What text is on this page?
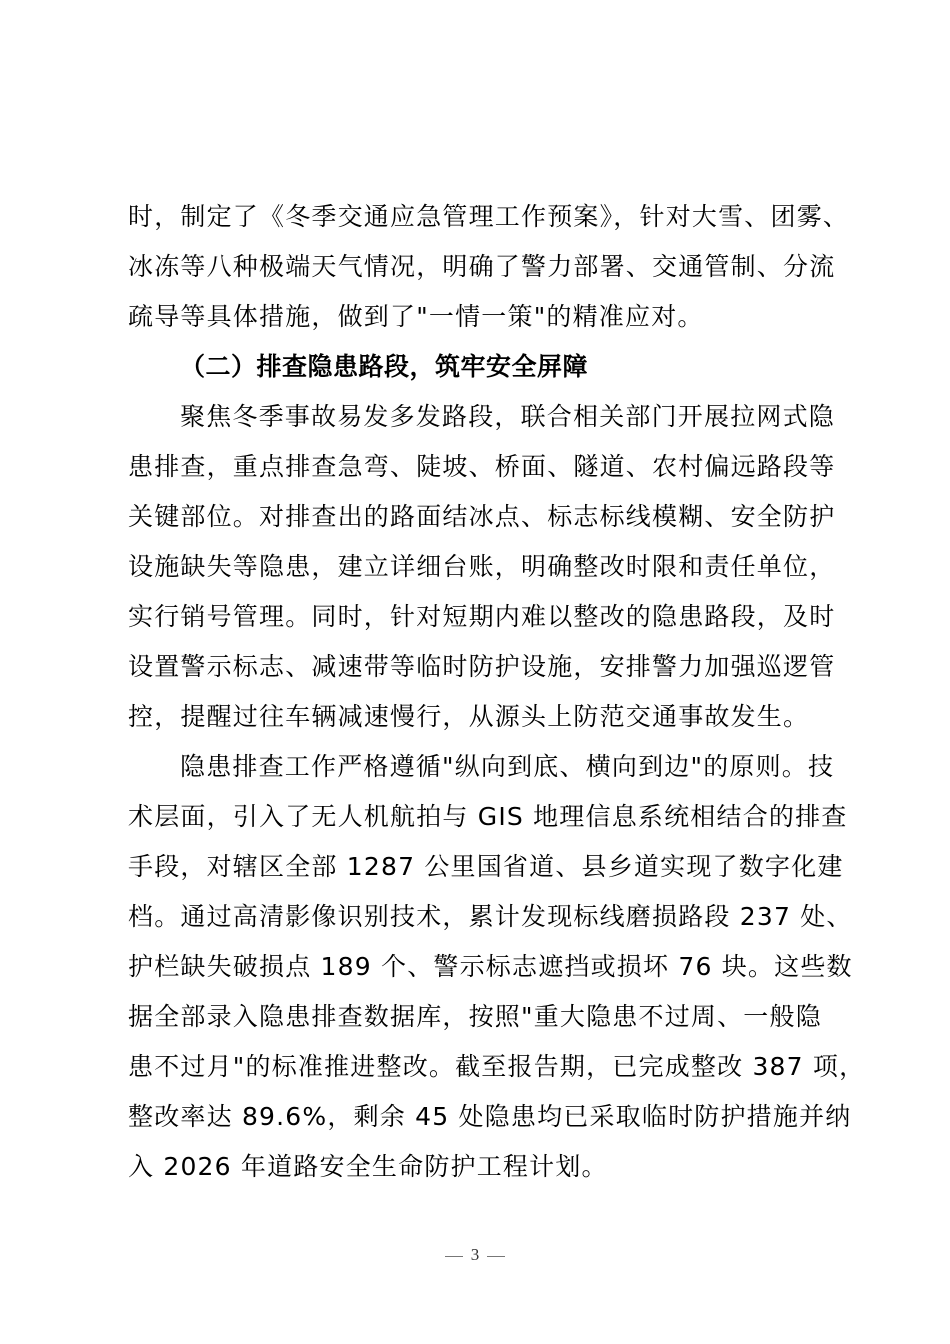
时，制定了《冬季交通应急管理工作预案》，针对大雪、团雾、
冰冻等八种极端天气情况，明确了警力部署、交通管制、分流
疏导等具体措施，做到了"一情一策"的精准应对。
（二）排查隐患路段，筑牢安全屏障
聚焦冬季事故易发多发路段，联合相关部门开展拉网式隐
患排查，重点排查急弯、陡坡、桥面、隧道、农村偏远路段等
关键部位。对排查出的路面结冰点、标志标线模糊、安全防护
设施缺失等隐患，建立详细台账，明确整改时限和责任单位，
实行销号管理。同时，针对短期内难以整改的隐患路段，及时
设置警示标志、减速带等临时防护设施，安排警力加强巡逻管
控，提醒过往车辆减速慢行，从源头上防范交通事故发生。
隐患排查工作严格遵循"纵向到底、横向到边"的原则。技
术层面，引入了无人机航拍与 GIS 地理信息系统相结合的排查
手段，对辖区全部 1287 公里国省道、县乡道实现了数字化建
档。通过高清影像识别技术，累计发现标线磨损路段 237 处、
护栏缺失破损点 189 个、警示标志遮挡或损坏 76 块。这些数
据全部录入隐患排查数据库，按照"重大隐患不过周、一般隐
患不过月"的标准推进整改。截至报告期，已完成整改 387 项，
整改率达 89.6%，剩余 45 处隐患均已采取临时防护措施并纳
入 2026 年道路安全生命防护工程计划。
3
